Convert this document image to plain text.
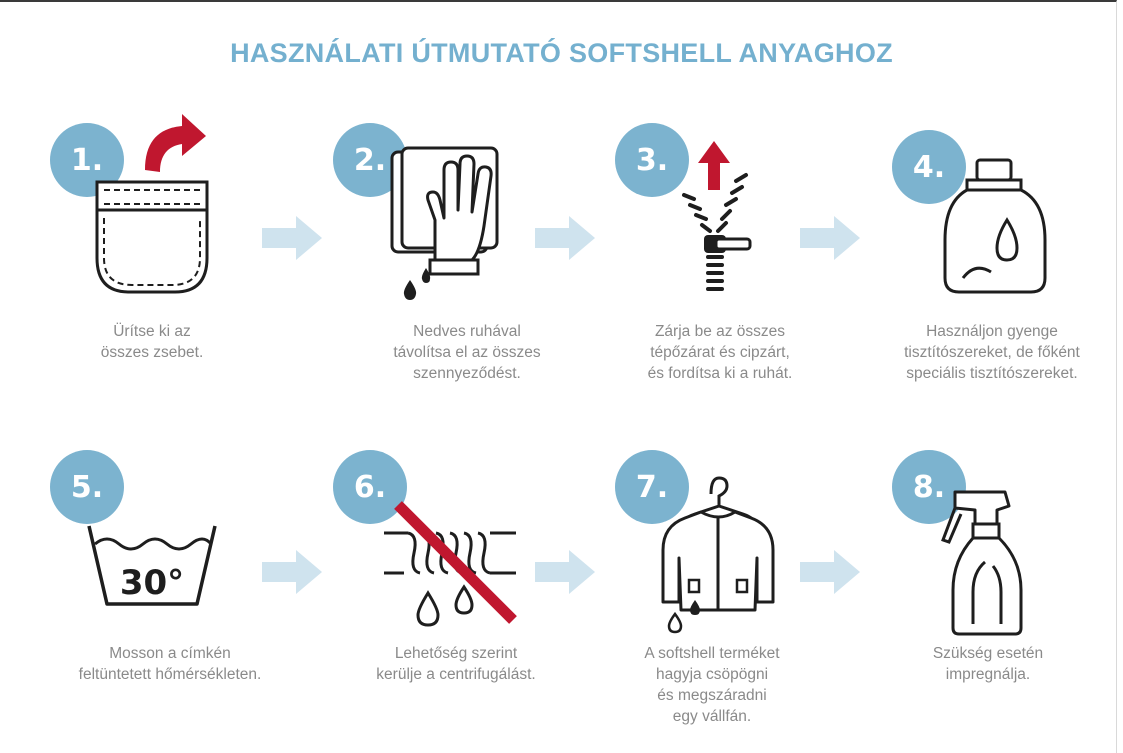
HASZNÁLATI ÚTMUTATÓ SOFTSHELL ANYAGHOZ
1.
Ürítse ki az
összes zsebet.
2.
Nedves ruhával
távolítsa el az összes
szennyeződést.
3.
Zárja be az összes
tépőzárat és cipzárt,
és fordítsa ki a ruhát.
4.
Használjon gyenge
tisztítószereket, de főként
speciális tisztítószereket.
5.
30°
Mosson a címkén
feltüntetett hőmérsékleten.
6.
Lehetőség szerint
kerülje a centrifugálást.
7.
A softshell terméket
hagyja csöpögni
és megszáradni
egy vállfán.
8.
Szükség esetén
impregnálja.
